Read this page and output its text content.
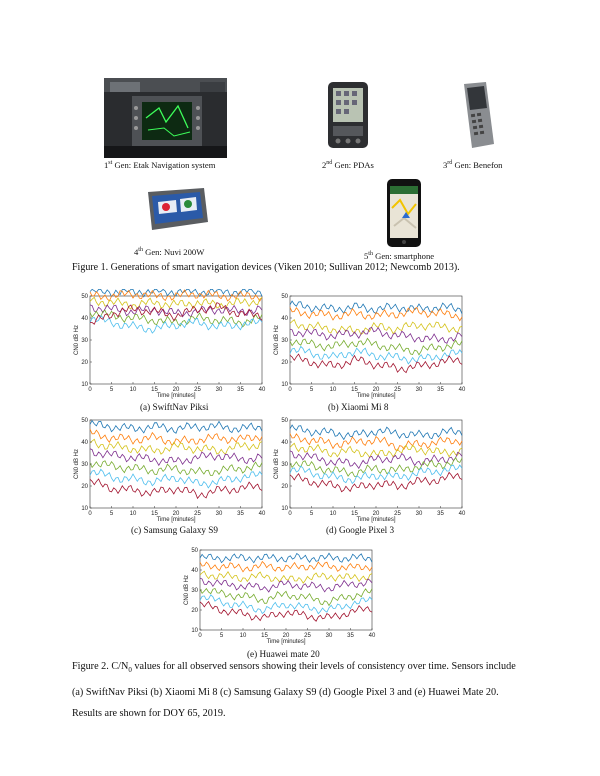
1st Gen: Etak Navigation system	2nd Gen: PDAs	3rd Gen: Benefon
4th Gen: Nuvi 200W	5th Gen: smartphone
Figure 1. Generations of smart navigation devices (Viken 2010; Sullivan 2012; Newcomb 2013).
0	5	10 15 20 25 30 35 40
10
20
30
40
50
Time [minutes]
CN0 dB Hz
(a) SwiftNav Piksi
0	5	10 15 20 25 30 35 40
10
20
30
40
50
Time [minutes]
CN0 dB Hz
(b) Xiaomi Mi 8
0	5	10 15 20 25 30 35 40
10
20
30
40
50
Time [minutes]
CN0 dB Hz
(c) Samsung Galaxy S9
0	5	10 15 20 25 30 35 40
10
20
30
40
50
Time [minutes]
CN0 dB Hz
(d) Google Pixel 3
0	5	10 15 20 25 30 35 40
10
20
30
40
50
Time [minutes]
CN0 dB Hz
(e) Huawei mate 20
Figure 2. $C/N_0$ values for all observed sensors showing their levels of consistency over time. Sensors include
(a) SwiftNav Piksi (b) Xiaomi Mi 8 (c) Samsung Galaxy S9 (d) Google Pixel 3 and (e) Huawei Mate 20.
Results are shown for DOY 65, 2019.
